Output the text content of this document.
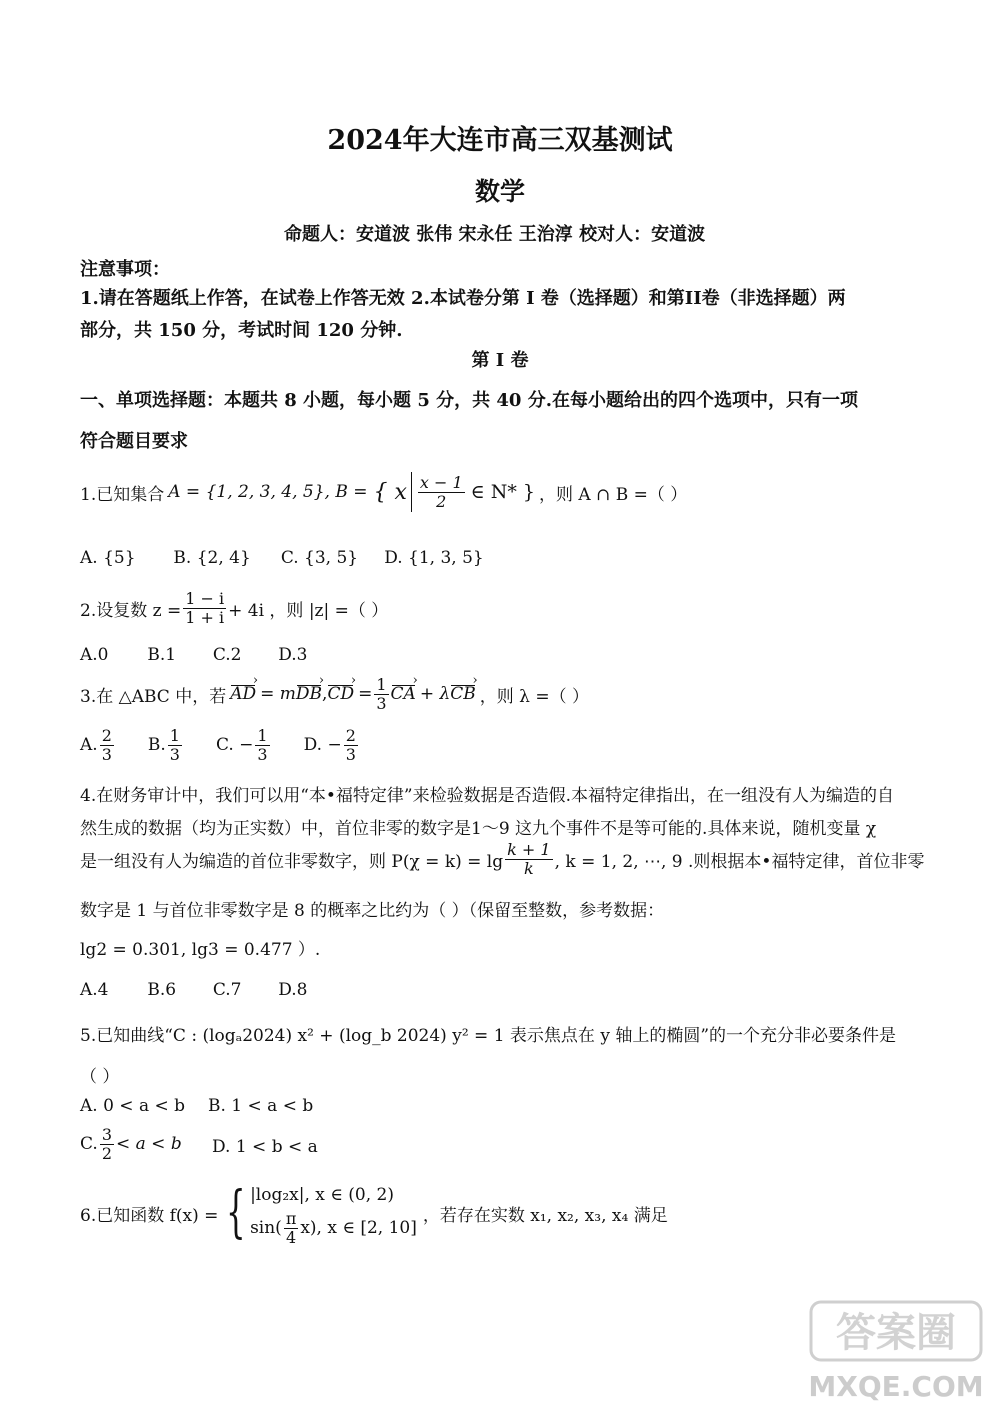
2024年大连市高三双基测试
数学
命题人：安道波 张伟 宋永任 王治淳 校对人：安道波
注意事项：
1.请在答题纸上作答，在试卷上作答无效 2.本试卷分第 I 卷（选择题）和第II卷（非选择题）两
部分，共 150 分，考试时间 120 分钟.
第 I 卷
一、单项选择题：本题共 8 小题，每小题 5 分，共 40 分.在每小题给出的四个选项中，只有一项
符合题目要求
1.已知集合 A = {1, 2, 3, 4, 5}, B = { x $\frac{x - 1}{2}$ ∈ N* } ，则 A ∩ B =（ ）
A. {5} B. {2, 4} C. {3, 5} D. {1, 3, 5}
2.设复数 $z = \frac{1 - i}{1 + i} + 4i$ ，则 |z| =（ ）
A.0 B.1 C.2 D.3
3.在 △ABC 中，若 AD › = m DB › , CD › = $\frac{1}{3}$ CA › + λ CB › ，则 λ =（ ）
A. $\frac{2}{3} B$. $\frac{1}{3} C$. − $\frac{1}{3} D$. − $\frac{2}{3}$
4.在财务审计中，我们可以用“本•福特定律”来检验数据是否造假.本福特定律指出，在一组没有人为编造的自
然生成的数据（均为正实数）中，首位非零的数字是1～9 这九个事件不是等可能的.具体来说，随机变量 χ
是一组没有人为编造的首位非零数字，则 $P(\chi = k) = \lg \frac{k + 1}{k}$ , k = 1, 2, ⋯, 9 .则根据本•福特定律，首位非零
数字是 1 与首位非零数字是 8 的概率之比约为（ ）（保留至整数，参考数据：
lg2 = 0.301, lg3 = 0.477 ）.
A.4 B.6 C.7 D.8
5.已知曲线“C : (logₐ2024) x² + (log_b 2024) y² = 1 表示焦点在 y 轴上的椭圆”的一个充分非必要条件是
（ ）
A. 0 < a < b B. 1 < a < b
C. $\frac{3}{2} < a < b$ D. 1 < b < a
6.已知函数 f(x) = { |log₂x|, x ∈ (0, 2)
$\sin( \frac{\pi}{4} x)$, x ∈ [2, 10]
，若存在实数 x₁, x₂, x₃, x₄ 满足
答案圈
MXQE.COM
